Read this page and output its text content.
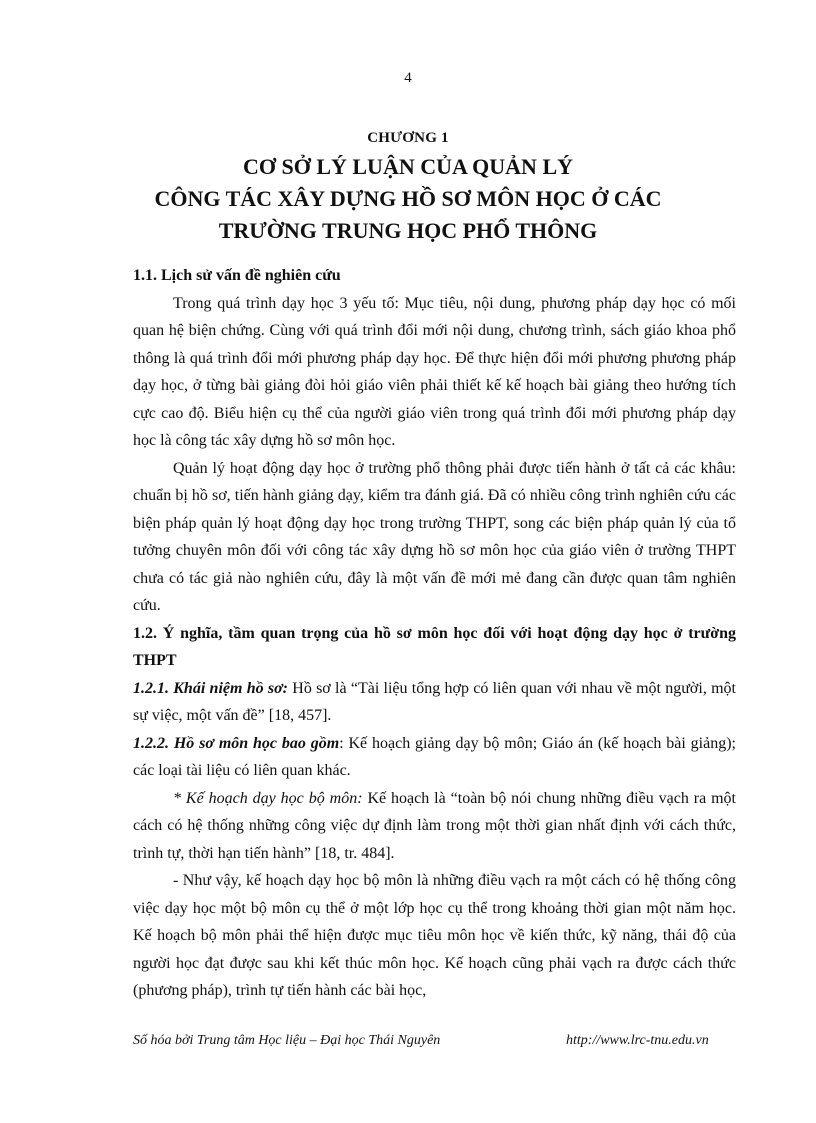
4
CHƯƠNG 1
CƠ SỞ LÝ LUẬN CỦA QUẢN LÝ
CÔNG TÁC XÂY DỰNG HỒ SƠ MÔN HỌC Ở CÁC
TRƯỜNG TRUNG HỌC PHỔ THÔNG

1.1. Lịch sử vấn đề nghiên cứu

Trong quá trình dạy học 3 yếu tố: Mục tiêu, nội dung, phương pháp dạy học có mối quan hệ biện chứng. Cùng với quá trình đổi mới nội dung, chương trình, sách giáo khoa phổ thông là quá trình đổi mới phương pháp dạy học. Để thực hiện đổi mới phương phương pháp dạy học, ở từng bài giảng đòi hỏi giáo viên phải thiết kế kế hoạch bài giảng theo hướng tích cực cao độ. Biểu hiện cụ thể của người giáo viên trong quá trình đổi mới phương pháp dạy học là công tác xây dựng hồ sơ môn học.

Quản lý hoạt động dạy học ở trường phổ thông phải được tiến hành ở tất cả các khâu: chuẩn bị hồ sơ, tiến hành giảng dạy, kiểm tra đánh giá. Đã có nhiều công trình nghiên cứu các biện pháp quản lý hoạt động dạy học trong trường THPT, song các biện pháp quản lý của tổ tưởng chuyên môn đối với công tác xây dựng hồ sơ môn học của giáo viên ở trường THPT chưa có tác giả nào nghiên cứu, đây là một vấn đề mới mẻ đang cần được quan tâm nghiên cứu.

1.2. Ý nghĩa, tầm quan trọng của hồ sơ môn học đối với hoạt động dạy học ở trường THPT

1.2.1. Khái niệm hồ sơ: Hồ sơ là “Tài liệu tổng hợp có liên quan với nhau về một người, một sự việc, một vấn đề” [18, 457].

1.2.2. Hồ sơ môn học bao gồm: Kế hoạch giảng dạy bộ môn; Giáo án (kế hoạch bài giảng); các loại tài liệu có liên quan khác.

* Kế hoạch dạy học bộ môn: Kế hoạch là “toàn bộ nói chung những điều vạch ra một cách có hệ thống những công việc dự định làm trong một thời gian nhất định với cách thức, trình tự, thời hạn tiến hành” [18, tr. 484].

- Như vậy, kế hoạch dạy học bộ môn là những điều vạch ra một cách có hệ thống công việc dạy học một bộ môn cụ thể ở một lớp học cụ thể trong khoảng thời gian một năm học. Kế hoạch bộ môn phải thể hiện được mục tiêu môn học về kiến thức, kỹ năng, thái độ của người học đạt được sau khi kết thúc môn học. Kế hoạch cũng phải vạch ra được cách thức (phương pháp), trình tự tiến hành các bài học,

Số hóa bởi Trung tâm Học liệu – Đại học Thái Nguyên	http://www.lrc-tnu.edu.vn
